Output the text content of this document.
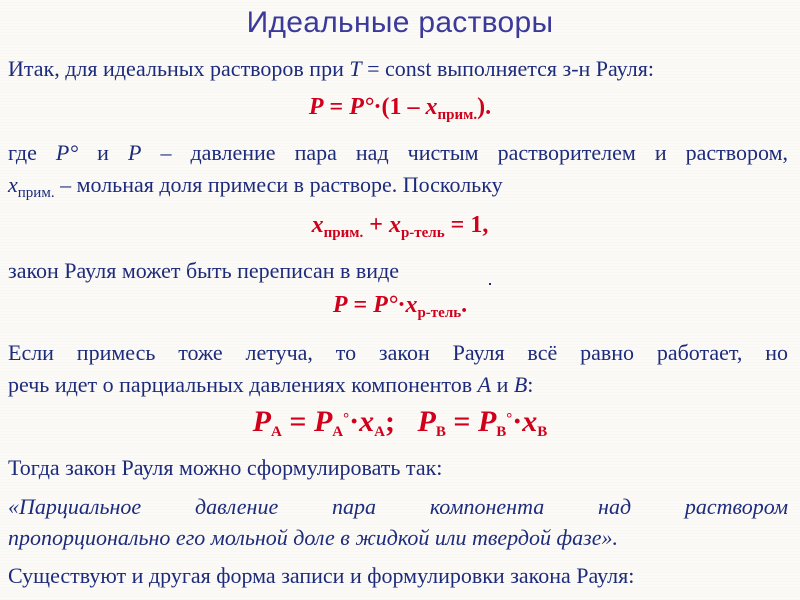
Идеальные растворы
Итак, для идеальных растворов при T = const выполняется з-н Рауля:
$P = P^\circ\cdot(1 - x_{прим.})$.
где P° и P – давление пара над чистым растворителем и раствором,
$x_{прим.}$ – мольная доля примеси в растворе. Поскольку
$x_{прим.} + x_{р-тель} = 1$,
закон Рауля может быть переписан в виде
$P = P^\circ\cdot x_{р-тель}$.
Если примесь тоже летуча, то закон Рауля всё равно работает, но
речь идет о парциальных давлениях компонентов A и B:
$P_A = P_A^\circ\cdot x_A$;   $P_B = P_B^\circ\cdot x_B$
Тогда закон Рауля можно сформулировать так:
«Парциальное давление пара компонента над раствором
пропорционально его мольной доле в жидкой или твердой фазе».
Существуют и другая форма записи и формулировки закона Рауля:
